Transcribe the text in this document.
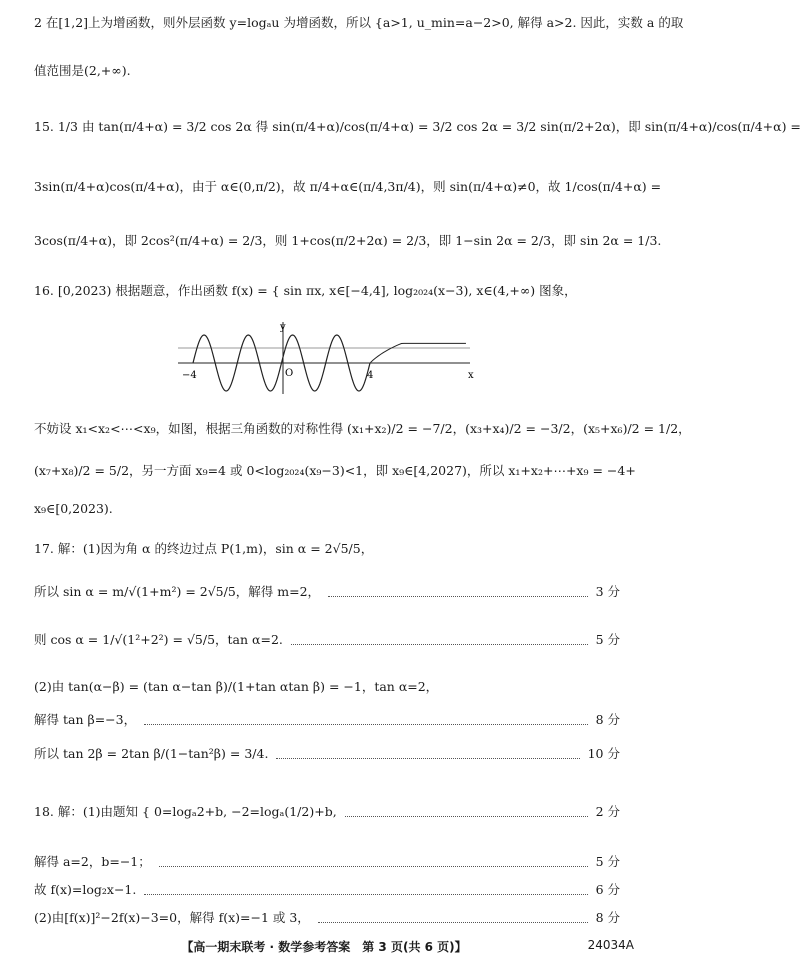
2 在[1,2]上为增函数，则外层函数 y=logₐu 为增函数，所以 {a>1, u_min=a−2>0, 解得 a>2. 因此，实数 a 的取
值范围是(2,+∞).
15. 1/3 由 tan(π/4+α) = 3/2 cos 2α 得 sin(π/4+α)/cos(π/4+α) = 3/2 cos 2α = 3/2 sin(π/2+2α)，即 sin(π/4+α)/cos(π/4+α) =
3sin(π/4+α)cos(π/4+α)，由于 α∈(0,π/2)，故 π/4+α∈(π/4,3π/4)，则 sin(π/4+α)≠0，故 1/cos(π/4+α) =
3cos(π/4+α)，即 2cos²(π/4+α) = 2/3，则 1+cos(π/2+2α) = 2/3，即 1−sin 2α = 2/3，即 sin 2α = 1/3.
16. [0,2023) 根据题意，作出函数 f(x) = { sin πx, x∈[−4,4], log₂₀₂₄(x−3), x∈(4,+∞) 图象，
y
x
O
−4	4
不妨设 x₁<x₂<⋯<x₉，如图，根据三角函数的对称性得 (x₁+x₂)/2 = −7/2，(x₃+x₄)/2 = −3/2，(x₅+x₆)/2 = 1/2，
(x₇+x₈)/2 = 5/2，另一方面 x₉=4 或 0<log₂₀₂₄(x₉−3)<1，即 x₉∈[4,2027)，所以 x₁+x₂+⋯+x₉ = −4+
x₉∈[0,2023).
17. 解：(1)因为角 α 的终边过点 P(1,m)，sin α = 2√5/5，
所以 sin α = m/√(1+m²) = 2√5/5，解得 m=2，	3 分
则 cos α = 1/√(1²+2²) = √5/5，tan α=2.	5 分
(2)由 tan(α−β) = (tan α−tan β)/(1+tan αtan β) = −1，tan α=2，
解得 tan β=−3，	8 分
所以 tan 2β = 2tan β/(1−tan²β) = 3/4.	10 分
18. 解：(1)由题知 { 0=logₐ2+b, −2=logₐ(1/2)+b,	2 分
解得 a=2，b=−1；	5 分
故 f(x)=log₂x−1.	6 分
(2)由[f(x)]²−2f(x)−3=0，解得 f(x)=−1 或 3，	8 分
【高一期末联考 · 数学参考答案　第 3 页(共 6 页)】	24034A
